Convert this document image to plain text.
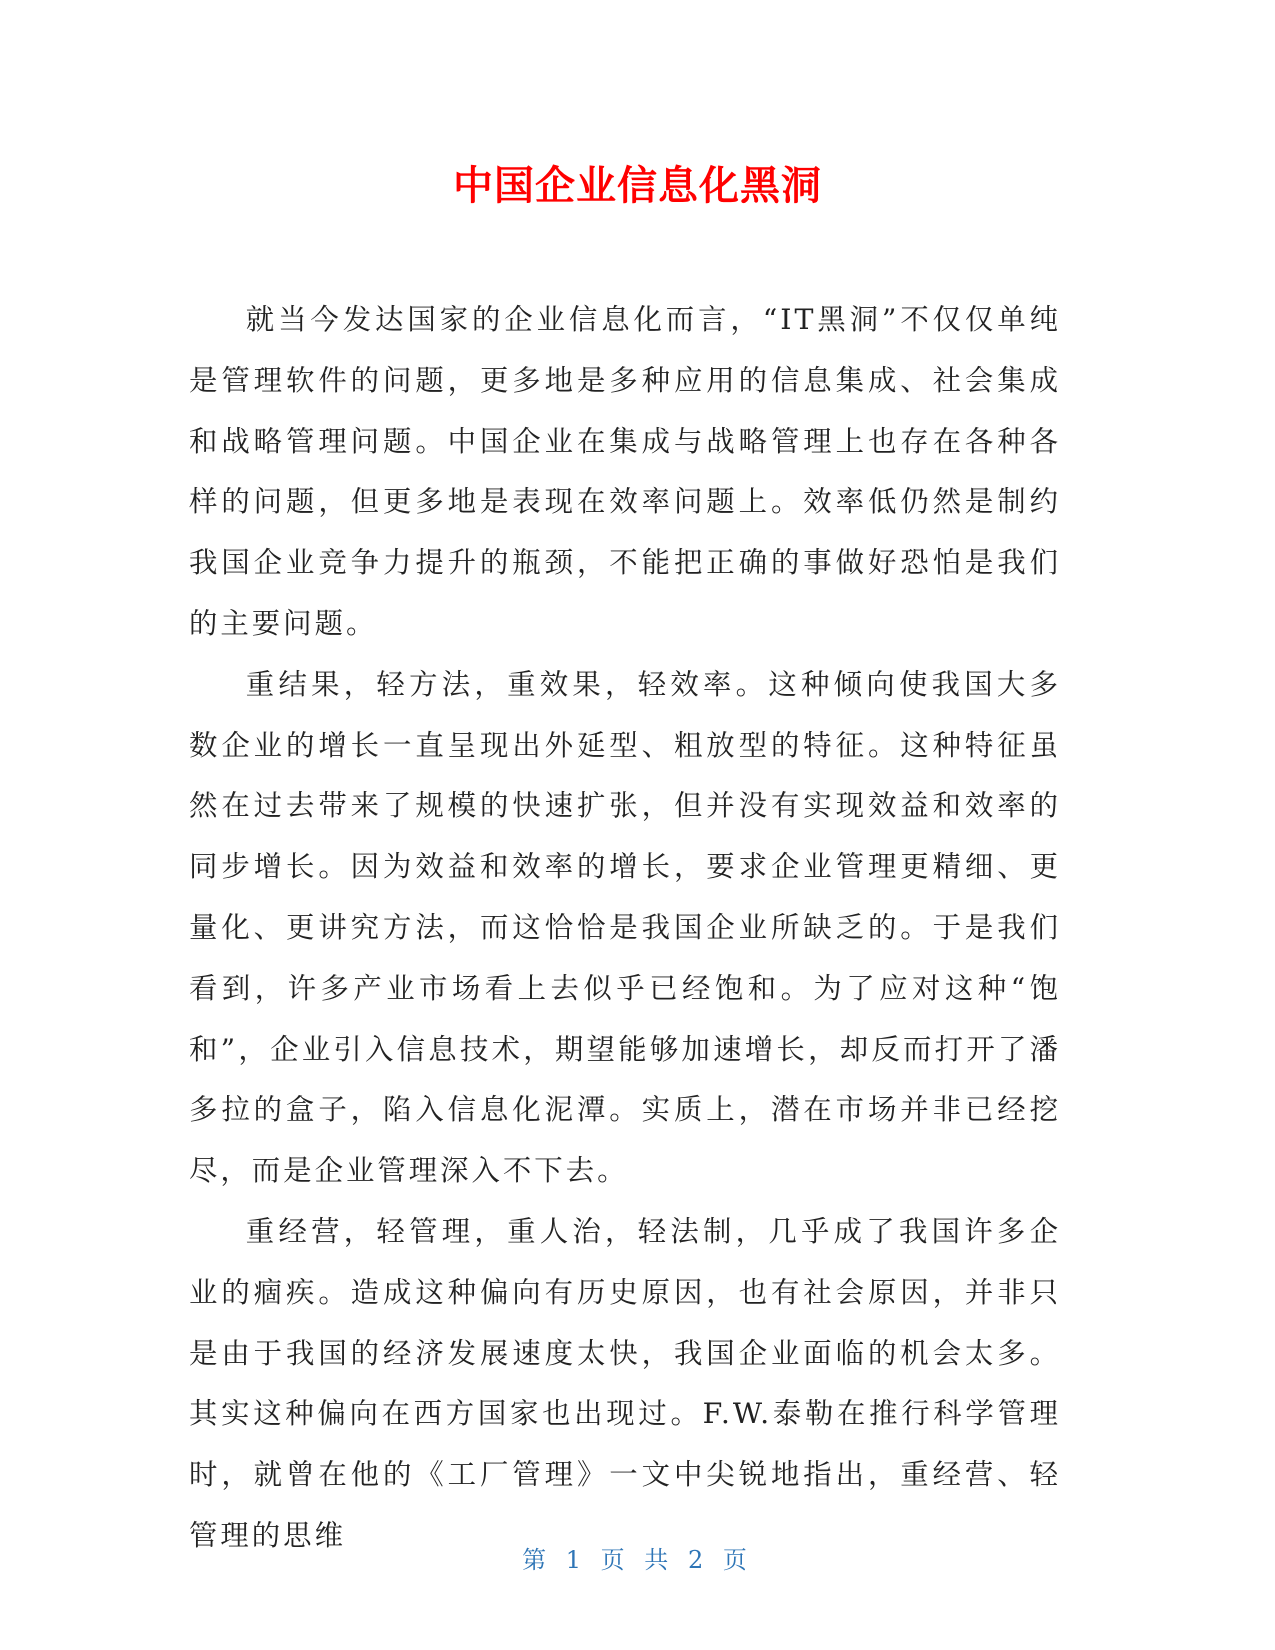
中国企业信息化黑洞

就当今发达国家的企业信息化而言，“IT黑洞”不仅仅单纯是管理软件的问题，更多地是多种应用的信息集成、社会集成和战略管理问题。中国企业在集成与战略管理上也存在各种各样的问题，但更多地是表现在效率问题上。效率低仍然是制约我国企业竞争力提升的瓶颈，不能把正确的事做好恐怕是我们的主要问题。

重结果，轻方法，重效果，轻效率。这种倾向使我国大多数企业的增长一直呈现出外延型、粗放型的特征。这种特征虽然在过去带来了规模的快速扩张，但并没有实现效益和效率的同步增长。因为效益和效率的增长，要求企业管理更精细、更量化、更讲究方法，而这恰恰是我国企业所缺乏的。于是我们看到，许多产业市场看上去似乎已经饱和。为了应对这种“饱和”，企业引入信息技术，期望能够加速增长，却反而打开了潘多拉的盒子，陷入信息化泥潭。实质上，潜在市场并非已经挖尽，而是企业管理深入不下去。

重经营，轻管理，重人治，轻法制，几乎成了我国许多企业的痼疾。造成这种偏向有历史原因，也有社会原因，并非只是由于我国的经济发展速度太快，我国企业面临的机会太多。其实这种偏向在西方国家也出现过。F.W.泰勒在推行科学管理时，就曾在他的《工厂管理》一文中尖锐地指出，重经营、轻管理的思维

第 1 页 共 2 页
